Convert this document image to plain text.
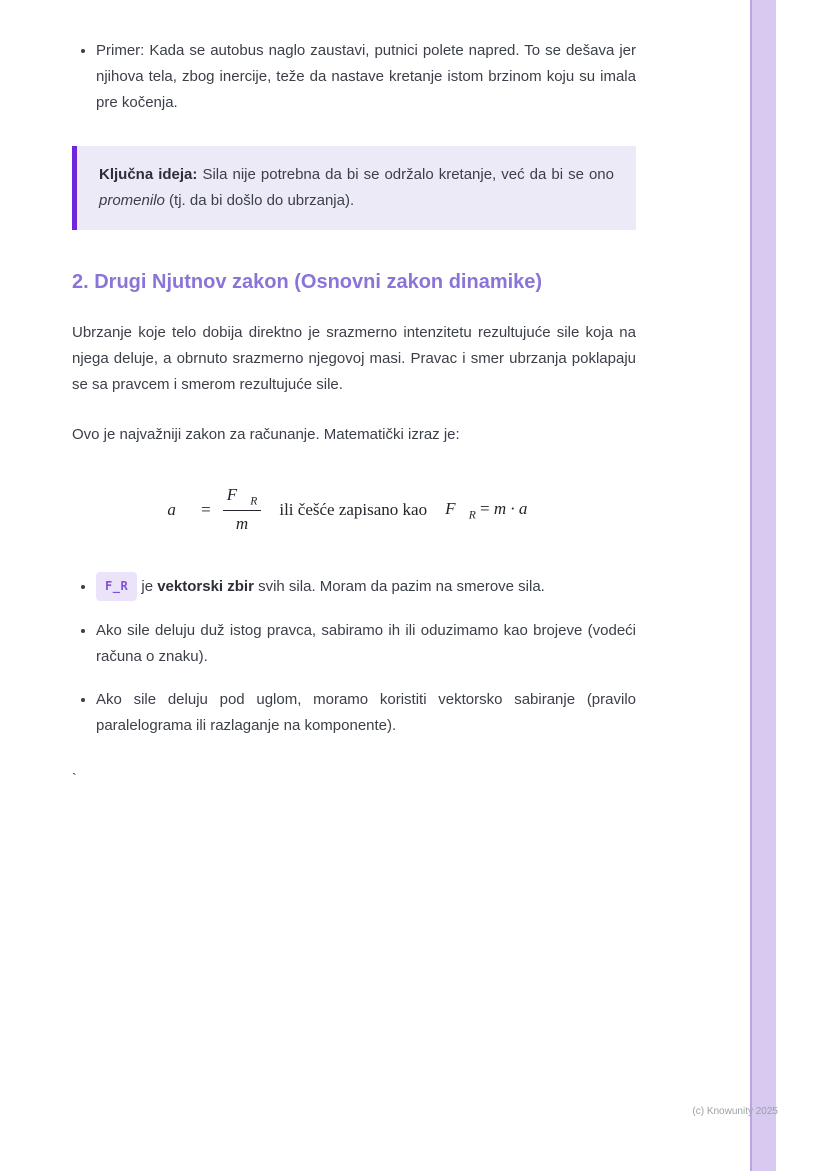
• Primer: Kada se autobus naglo zaustavi, putnici polete napred. To se dešava jer njihova tela, zbog inercije, teže da nastave kretanje istom brzinom koju su imala pre kočenja.
Ključna ideja: Sila nije potrebna da bi se održalo kretanje, već da bi se ono promenilo (tj. da bi došlo do ubrzanja).
2. Drugi Njutnov zakon (Osnovni zakon dinamike)

Ubrzanje koje telo dobija direktno je srazmerno intenzitetu rezultujuće sile koja na njega deluje, a obrnuto srazmerno njegovoj masi. Pravac i smer ubrzanja poklapaju se sa pravcem i smerom rezultujuće sile.

Ovo je najvažniji zakon za računanje. Matematički izraz je:

a⃗ = $\frac{F⃗_R}{m}$ ili češće zapisano kao $F⃗_R = m$ · a⃗
• F_R je vektorski zbir svih sila. Moram da pazim na smerove sila.
• Ako sile deluju duž istog pravca, sabiramo ih ili oduzimamo kao brojeve (vodeći računa o znaku).
• Ako sile deluju pod uglom, moramo koristiti vektorsko sabiranje (pravilo paralelograma ili razlaganje na komponente).
`
(c) Knowunity 2025
